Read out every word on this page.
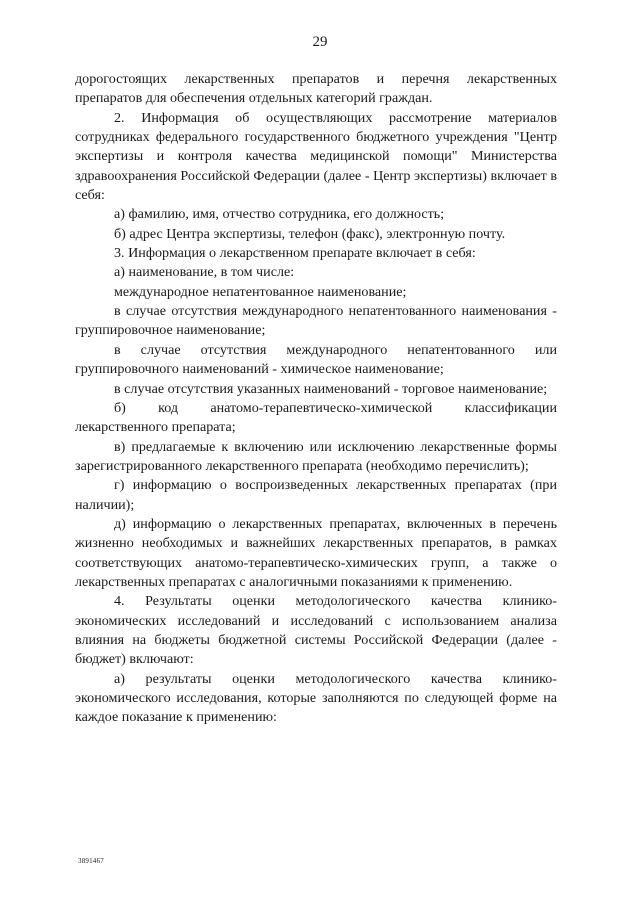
29

дорогостоящих лекарственных препаратов и перечня лекарственных препаратов для обеспечения отдельных категорий граждан.

2. Информация об осуществляющих рассмотрение материалов сотрудниках федерального государственного бюджетного учреждения "Центр экспертизы и контроля качества медицинской помощи" Министерства здравоохранения Российской Федерации (далее - Центр экспертизы) включает в себя:

а) фамилию, имя, отчество сотрудника, его должность;

б) адрес Центра экспертизы, телефон (факс), электронную почту.

3. Информация о лекарственном препарате включает в себя:

а) наименование, в том числе:

международное непатентованное наименование;

в случае отсутствия международного непатентованного наименования - группировочное наименование;

в случае отсутствия международного непатентованного или группировочного наименований - химическое наименование;

в случае отсутствия указанных наименований - торговое наименование;

б) код анатомо-терапевтическо-химической классификации лекарственного препарата;

в) предлагаемые к включению или исключению лекарственные формы зарегистрированного лекарственного препарата (необходимо перечислить);

г) информацию о воспроизведенных лекарственных препаратах (при наличии);

д) информацию о лекарственных препаратах, включенных в перечень жизненно необходимых и важнейших лекарственных препаратов, в рамках соответствующих анатомо-терапевтическо-химических групп, а также о лекарственных препаратах с аналогичными показаниями к применению.

4. Результаты оценки методологического качества клинико-экономических исследований и исследований с использованием анализа влияния на бюджеты бюджетной системы Российской Федерации (далее - бюджет) включают:

а) результаты оценки методологического качества клинико-экономического исследования, которые заполняются по следующей форме на каждое показание к применению:

3891467
